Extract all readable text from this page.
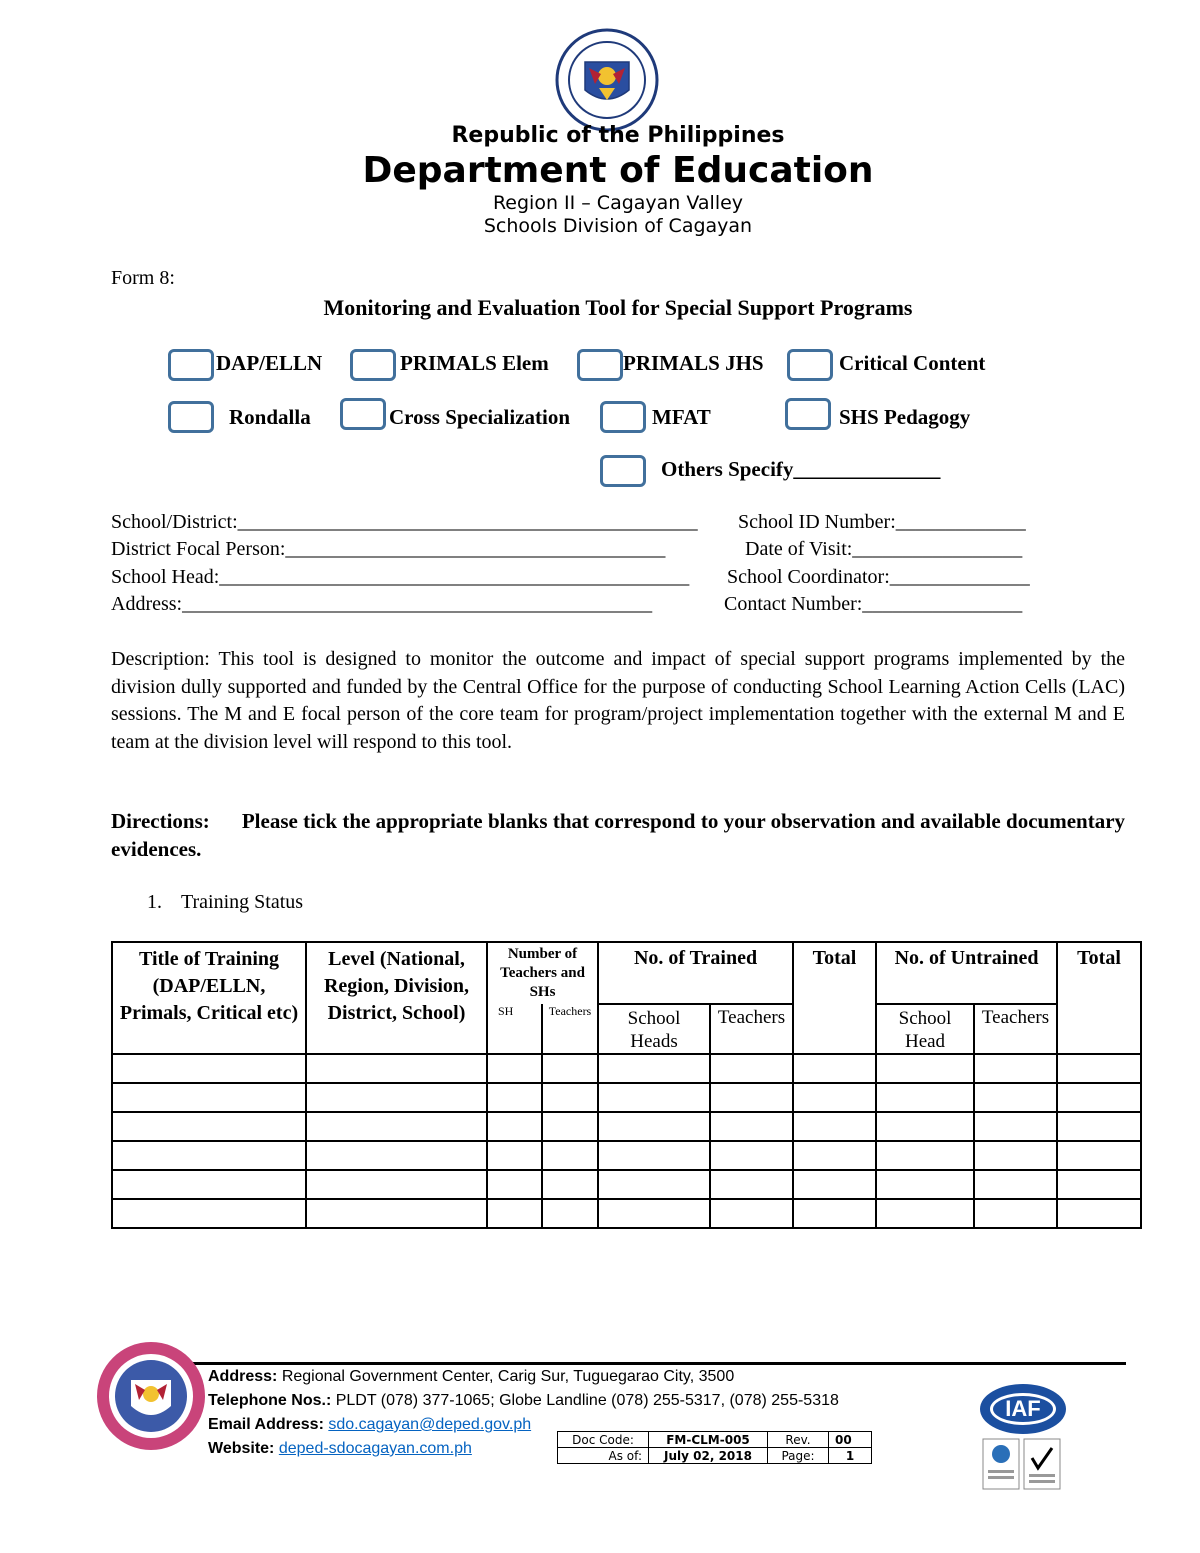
Republic of the Philippines
Department of Education
Region II – Cagayan Valley
Schools Division of Cagayan
Form 8:
Monitoring and Evaluation Tool for Special Support Programs
DAP/ELLN	PRIMALS Elem	PRIMALS JHS	Critical Content
Rondalla	Cross Specialization	MFAT	SHS Pedagogy
Others Specify______________
School/District:______________________________________________ School ID Number:_____________
District Focal Person:______________________________________	Date of Visit:_________________
School Head:_______________________________________________ School Coordinator:______________
Address:_______________________________________________	Contact Number:________________
Description: This tool is designed to monitor the outcome and impact of special support programs implemented by the division dully supported and funded by the Central Office for the purpose of conducting School Learning Action Cells (LAC) sessions. The M and E focal person of the core team for program/project implementation together with the external M and E team at the division level will respond to this tool.
Directions: Please tick the appropriate blanks that correspond to your observation and available documentary evidences.
1. Training Status
Title of Training (DAP/ELLN, Primals, Critical etc)	Level (National, Region, Division, District, School)	Number of Teachers and SHs		No. of Trained		Total	No. of Untrained		Total
		SH	Teachers	School Heads	Teachers		School Head	Teachers	

Address: Regional Government Center, Carig Sur, Tuguegarao City, 3500
Telephone Nos.: PLDT (078) 377-1065; Globe Landline (078) 255-5317, (078) 255-5318
Email Address: sdo.cagayan@deped.gov.ph
Website: deped-sdocagayan.com.ph
Doc Code:	FM-CLM-005	Rev.	00
As of:	July 02, 2018	Page:	1
IAF
